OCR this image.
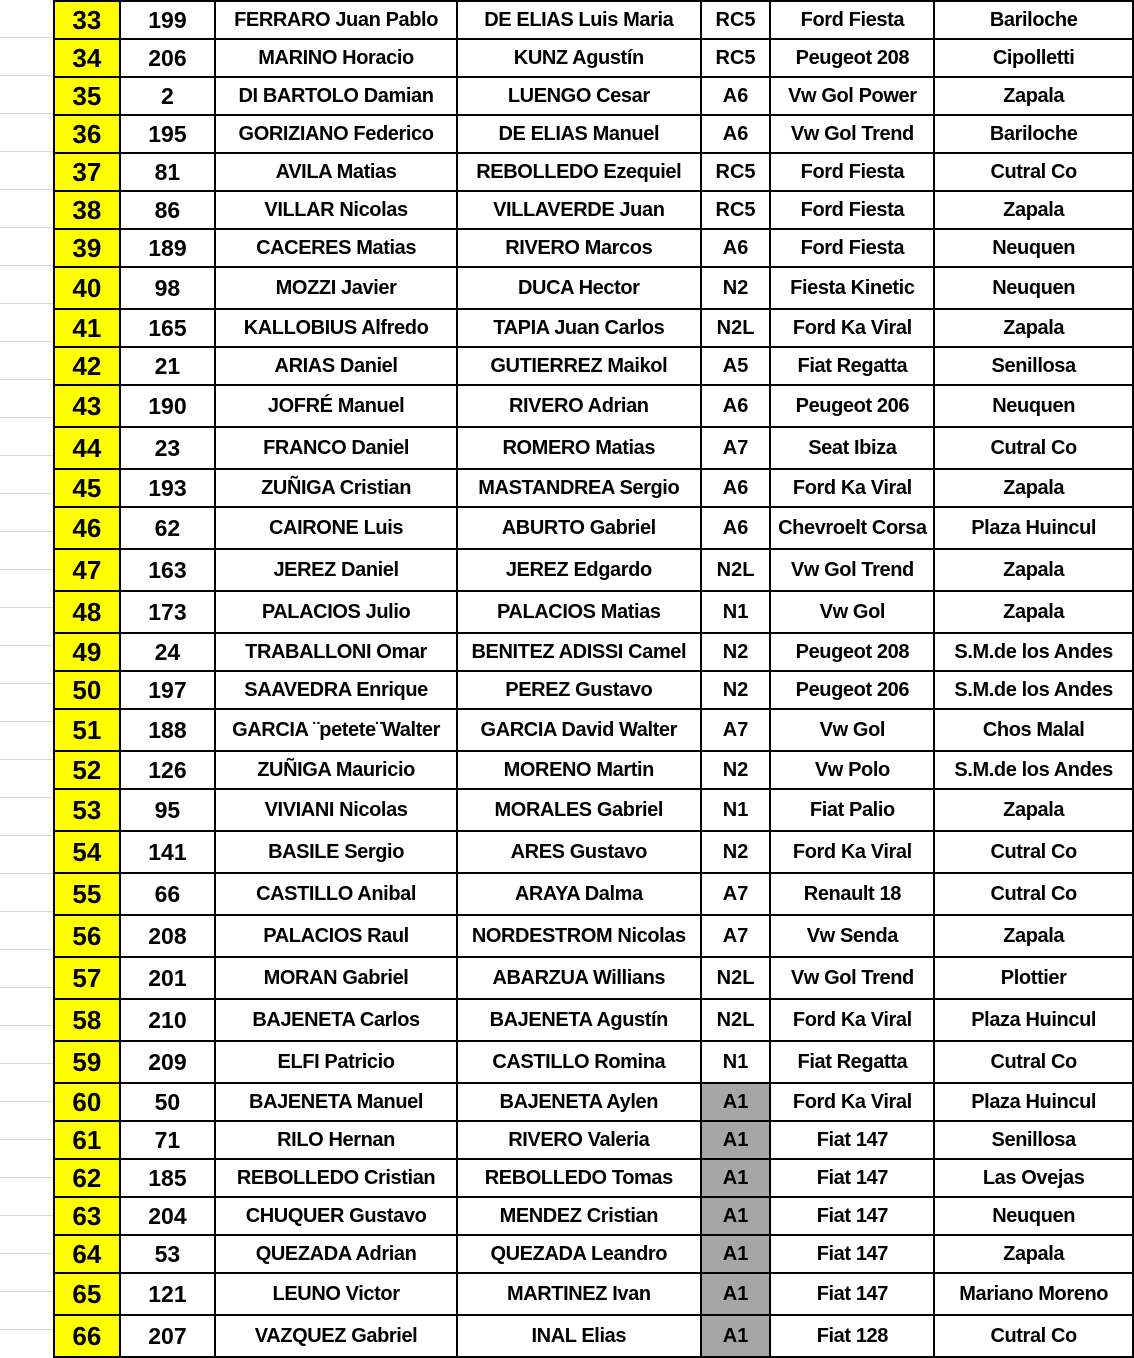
33	199	FERRARO Juan Pablo	DE ELIAS Luis Maria	RC5	Ford Fiesta	Bariloche
34	206	MARINO Horacio	KUNZ Agustín	RC5	Peugeot 208	Cipolletti
35	2	DI BARTOLO Damian	LUENGO Cesar	A6	Vw Gol Power	Zapala
36	195	GORIZIANO Federico	DE ELIAS Manuel	A6	Vw Gol Trend	Bariloche
37	81	AVILA Matias	REBOLLEDO Ezequiel	RC5	Ford Fiesta	Cutral Co
38	86	VILLAR Nicolas	VILLAVERDE Juan	RC5	Ford Fiesta	Zapala
39	189	CACERES Matias	RIVERO Marcos	A6	Ford Fiesta	Neuquen
40	98	MOZZI Javier	DUCA Hector	N2	Fiesta Kinetic	Neuquen
41	165	KALLOBIUS Alfredo	TAPIA Juan Carlos	N2L	Ford Ka Viral	Zapala
42	21	ARIAS Daniel	GUTIERREZ Maikol	A5	Fiat Regatta	Senillosa
43	190	JOFRÉ Manuel	RIVERO Adrian	A6	Peugeot 206	Neuquen
44	23	FRANCO Daniel	ROMERO Matias	A7	Seat Ibiza	Cutral Co
45	193	ZUÑIGA Cristian	MASTANDREA Sergio	A6	Ford Ka Viral	Zapala
46	62	CAIRONE Luis	ABURTO Gabriel	A6	Chevroelt Corsa	Plaza Huincul
47	163	JEREZ Daniel	JEREZ Edgardo	N2L	Vw Gol Trend	Zapala
48	173	PALACIOS Julio	PALACIOS Matias	N1	Vw Gol	Zapala
49	24	TRABALLONI Omar	BENITEZ ADISSI Camel	N2	Peugeot 208	S.M.de los Andes
50	197	SAAVEDRA Enrique	PEREZ Gustavo	N2	Peugeot 206	S.M.de los Andes
51	188	GARCIA ¨petete¨Walter	GARCIA David Walter	A7	Vw Gol	Chos Malal
52	126	ZUÑIGA Mauricio	MORENO Martin	N2	Vw Polo	S.M.de los Andes
53	95	VIVIANI Nicolas	MORALES Gabriel	N1	Fiat Palio	Zapala
54	141	BASILE Sergio	ARES Gustavo	N2	Ford Ka Viral	Cutral Co
55	66	CASTILLO Anibal	ARAYA Dalma	A7	Renault 18	Cutral Co
56	208	PALACIOS Raul	NORDESTROM Nicolas	A7	Vw Senda	Zapala
57	201	MORAN Gabriel	ABARZUA Willians	N2L	Vw Gol Trend	Plottier
58	210	BAJENETA Carlos	BAJENETA Agustín	N2L	Ford Ka Viral	Plaza Huincul
59	209	ELFI Patricio	CASTILLO Romina	N1	Fiat Regatta	Cutral Co
60	50	BAJENETA Manuel	BAJENETA Aylen	A1	Ford Ka Viral	Plaza Huincul
61	71	RILO Hernan	RIVERO Valeria	A1	Fiat 147	Senillosa
62	185	REBOLLEDO Cristian	REBOLLEDO Tomas	A1	Fiat 147	Las Ovejas
63	204	CHUQUER Gustavo	MENDEZ Cristian	A1	Fiat 147	Neuquen
64	53	QUEZADA Adrian	QUEZADA Leandro	A1	Fiat 147	Zapala
65	121	LEUNO Victor	MARTINEZ Ivan	A1	Fiat 147	Mariano Moreno
66	207	VAZQUEZ Gabriel	INAL Elias	A1	Fiat 128	Cutral Co
